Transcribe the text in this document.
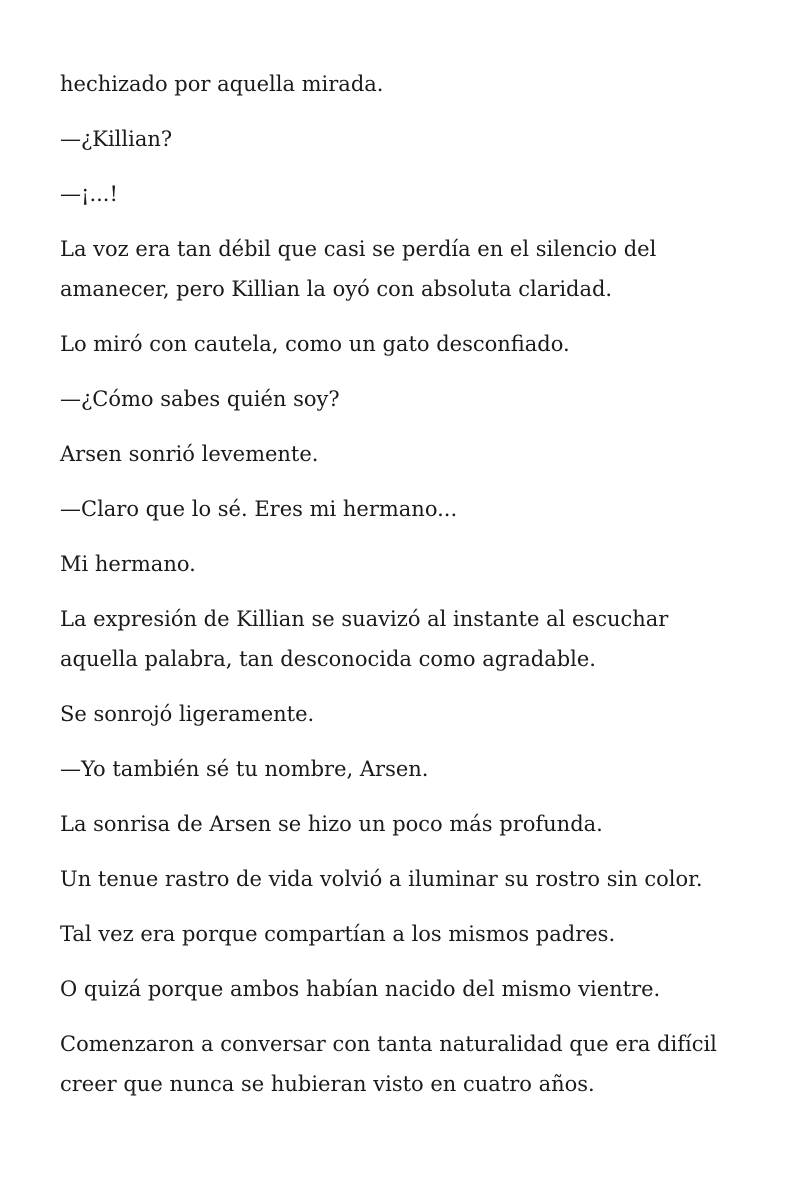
hechizado por aquella mirada.

—¿Killian?

—¡...!

La voz era tan débil que casi se perdía en el silencio del amanecer, pero Killian la oyó con absoluta claridad.

Lo miró con cautela, como un gato desconfiado.

—¿Cómo sabes quién soy?

Arsen sonrió levemente.

—Claro que lo sé. Eres mi hermano...

Mi hermano.

La expresión de Killian se suavizó al instante al escuchar aquella palabra, tan desconocida como agradable.

Se sonrojó ligeramente.

—Yo también sé tu nombre, Arsen.

La sonrisa de Arsen se hizo un poco más profunda.

Un tenue rastro de vida volvió a iluminar su rostro sin color.

Tal vez era porque compartían a los mismos padres.

O quizá porque ambos habían nacido del mismo vientre.

Comenzaron a conversar con tanta naturalidad que era difícil creer que nunca se hubieran visto en cuatro años.
